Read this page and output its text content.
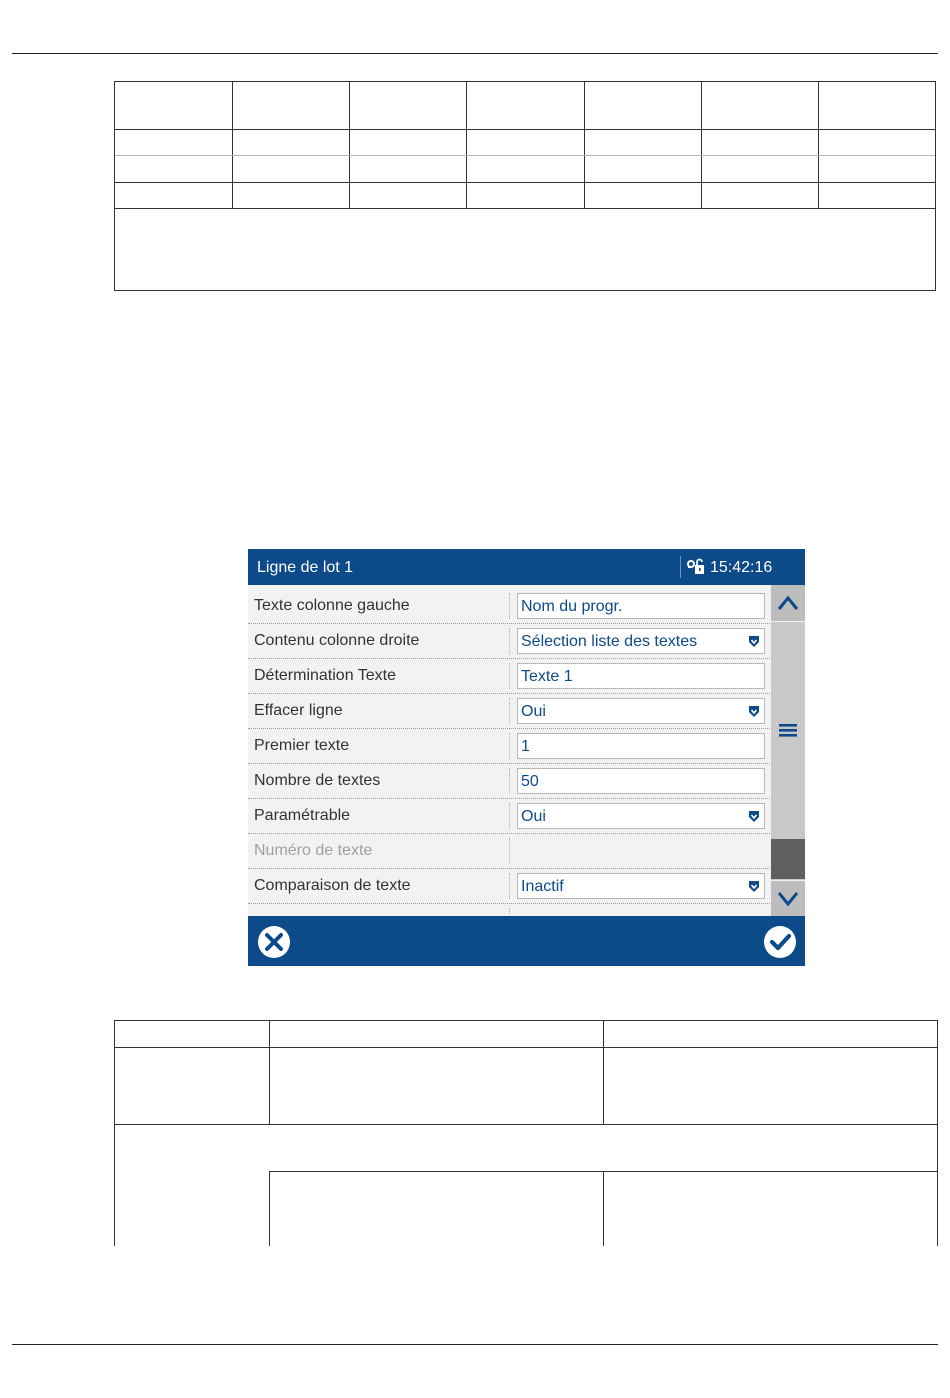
Ligne de lot 1	15:42:16
Texte colonne gauche	Nom du progr.
Contenu colonne droite	Sélection liste des textes
Détermination Texte	Texte 1
Effacer ligne	Oui
Premier texte	1
Nombre de textes	50
Paramétrable	Oui
Numéro de texte
Comparaison de texte	Inactif
